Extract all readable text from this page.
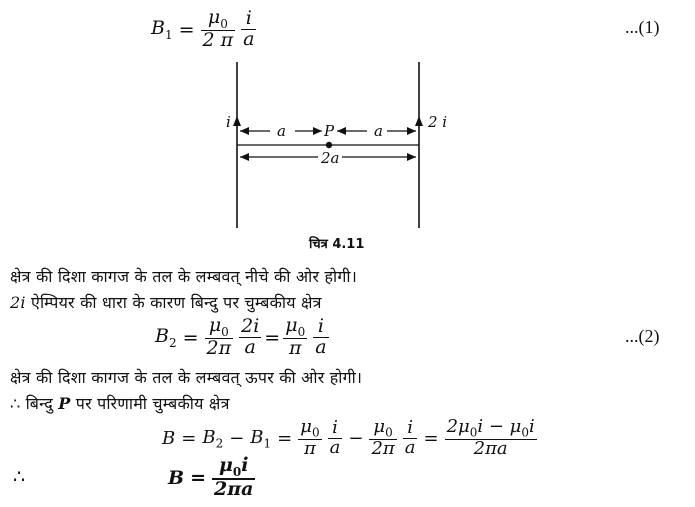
$B_1 = \frac{\mu_0}{2 \pi} \frac{i}{a}$	...(1)
i	2 i
a	P	a
2a
चित्र 4.11
क्षेत्र की दिशा कागज के तल के लम्बवत् नीचे की ओर होगी।
2i ऐम्पियर की धारा के कारण बिन्दु पर चुम्बकीय क्षेत्र
$B_2 = \frac{\mu_0}{2\pi} \frac{2i}{a} = \frac{\mu_0}{\pi} \frac{i}{a}$	...(2)
क्षेत्र की दिशा कागज के तल के लम्बवत् ऊपर की ओर होगी।
∴ बिन्दु P पर परिणामी चुम्बकीय क्षेत्र
$B = B_2 - B_1 = \frac{\mu_0}{\pi} \frac{i}{a} - \frac{\mu_0}{2\pi} \frac{i}{a} = \frac{2\mu_0i - \mu_0i}{2\pi a}$
∴	$B = \frac{\mu_0i}{2\pi a}$
